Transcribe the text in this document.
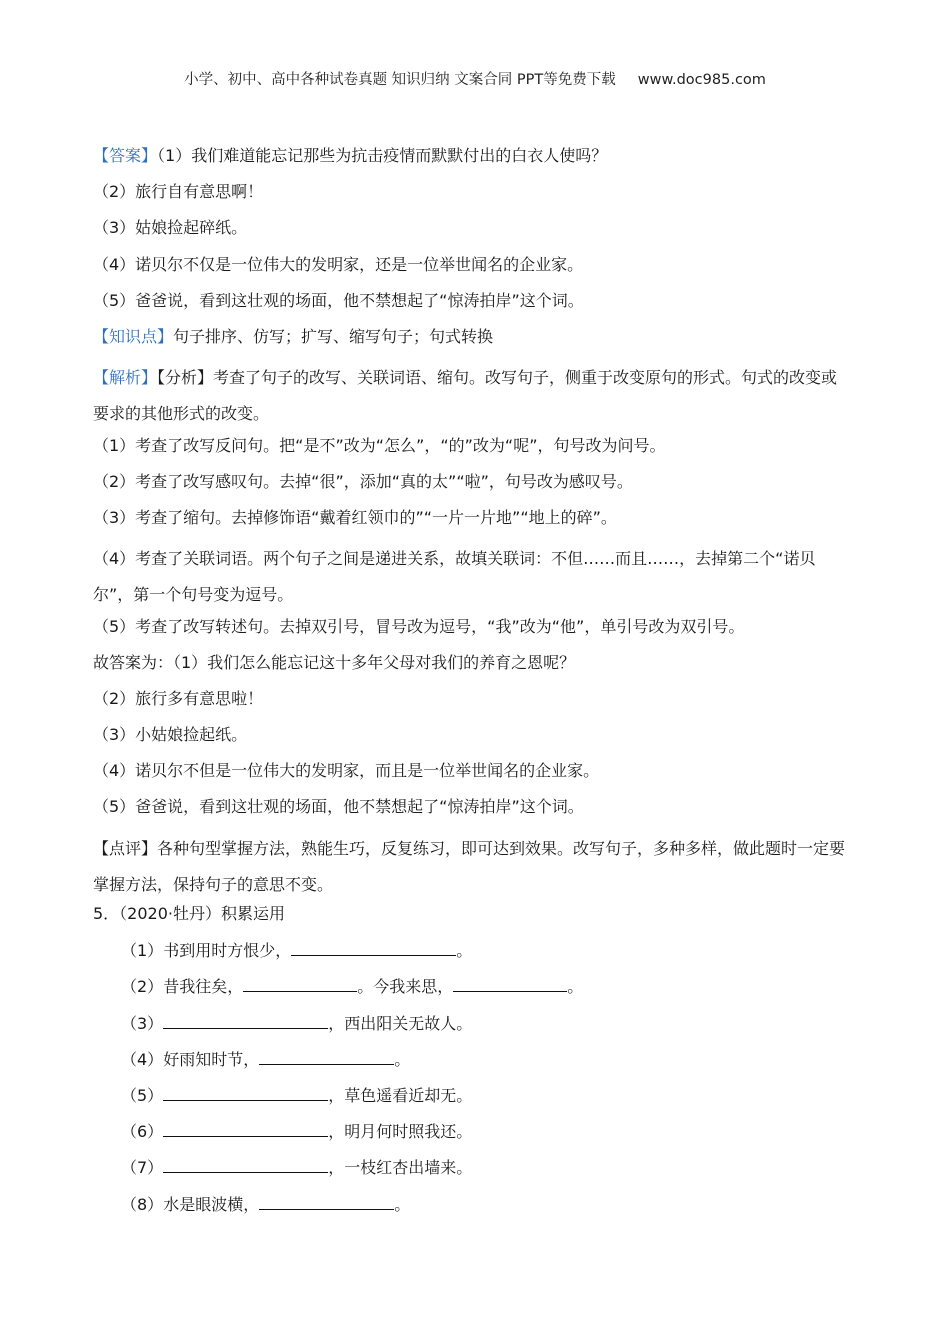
小学、初中、高中各种试卷真题 知识归纳 文案合同 PPT等免费下载 www.doc985.com
【答案】（1）我们难道能忘记那些为抗击疫情而默默付出的白衣人使吗？
（2）旅行自有意思啊！
（3）姑娘捡起碎纸。
（4）诺贝尔不仅是一位伟大的发明家，还是一位举世闻名的企业家。
（5）爸爸说，看到这壮观的场面，他不禁想起了“惊涛拍岸”这个词。
【知识点】句子排序、仿写；扩写、缩写句子；句式转换
【解析】【分析】考查了句子的改写、关联词语、缩句。改写句子，侧重于改变原句的形式。句式的改变或要求的其他形式的改变。
（1）考查了改写反问句。把“是不”改为“怎么”，“的”改为“呢”，句号改为问号。
（2）考查了改写感叹句。去掉“很”，添加“真的太”“啦”，句号改为感叹号。
（3）考查了缩句。去掉修饰语“戴着红领巾的”“一片一片地”“地上的碎”。
（4）考查了关联词语。两个句子之间是递进关系，故填关联词：不但……而且……，去掉第二个“诺贝尔”，第一个句号变为逗号。
（5）考查了改写转述句。去掉双引号，冒号改为逗号，“我”改为“他”，单引号改为双引号。
故答案为：（1）我们怎么能忘记这十多年父母对我们的养育之恩呢？
（2）旅行多有意思啦！
（3）小姑娘捡起纸。
（4）诺贝尔不但是一位伟大的发明家，而且是一位举世闻名的企业家。
（5）爸爸说，看到这壮观的场面，他不禁想起了“惊涛拍岸”这个词。
【点评】各种句型掌握方法，熟能生巧，反复练习，即可达到效果。改写句子，多种多样，做此题时一定要掌握方法，保持句子的意思不变。
5．（2020·牡丹）积累运用
（1）书到用时方恨少，	。
（2）昔我往矣，	。今我来思，	。
（3）	，西出阳关无故人。
（4）好雨知时节，	。
（5）	，草色遥看近却无。
（6）	，明月何时照我还。
（7）	，一枝红杏出墙来。
（8）水是眼波横，	。
